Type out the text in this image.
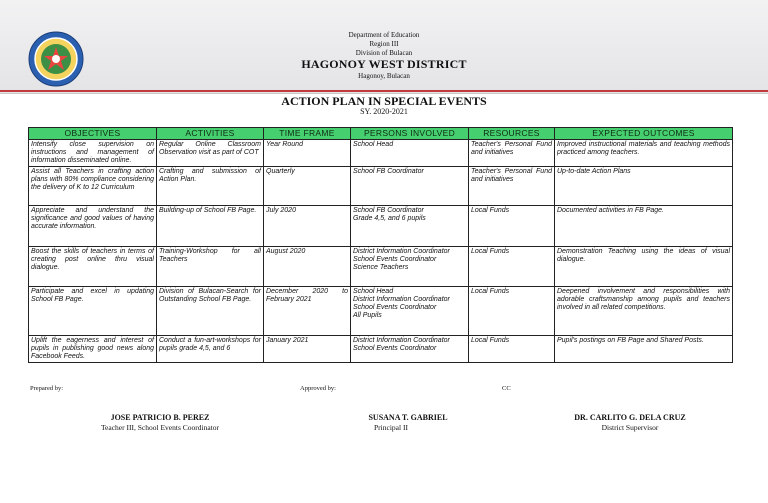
Department of Education
Region III
Division of Bulacan
HAGONOY WEST DISTRICT
Hagonoy, Bulacan
ACTION PLAN IN SPECIAL EVENTS
SY. 2020-2021
OBJECTIVES	ACTIVITIES	TIME FRAME	PERSONS INVOLVED	RESOURCES	EXPECTED OUTCOMES
Intensify close supervision on instructions and management of information disseminated online.	Regular Online Classroom Observation visit as part of COT	Year Round	School Head	Teacher's Personal Fund and initiatives	Improved instructional materials and teaching methods practiced among teachers.
Assist all Teachers in crafting action plans with 80% compliance considering the delivery of K to 12 Curriculum	Crafting and submission of Action Plan.	Quarterly	School FB Coordinator	Teacher's Personal Fund and initiatives	Up-to-date Action Plans
Appreciate and understand the significance and good values of having accurate information.	Building-up of School FB Page.	July 2020	School FB Coordinator
Grade 4,5, and 6 pupils	Local Funds	Documented activities in FB Page.
Boost the skills of teachers in terms of creating post online thru visual dialogue.	Training-Workshop for all Teachers	August 2020	District Information Coordinator
School Events Coordinator
Science Teachers	Local Funds	Demonstration Teaching using the ideas of visual dialogue.
Participate and excel in updating School FB Page.	Division of Bulacan-Search for Outstanding School FB Page.	December 2020 to February 2021	School Head
District Information Coordinator
School Events Coordinator
All Pupils	Local Funds	Deepened involvement and responsibilities with adorable craftsmanship among pupils and teachers involved in all related competitions.
Uplift the eagerness and interest of pupils in publishing good news along Facebook Feeds.	Conduct a fun-art-workshops for pupils grade 4,5, and 6	January 2021	District Information Coordinator
School Events Coordinator	Local Funds	Pupil's postings on FB Page and Shared Posts.
Prepared by:	Approved by:	CC
JOSE PATRICIO B. PEREZ
Teacher III, School Events Coordinator
SUSANA T. GABRIEL
Principal II
DR. CARLITO G. DELA CRUZ
District Supervisor
